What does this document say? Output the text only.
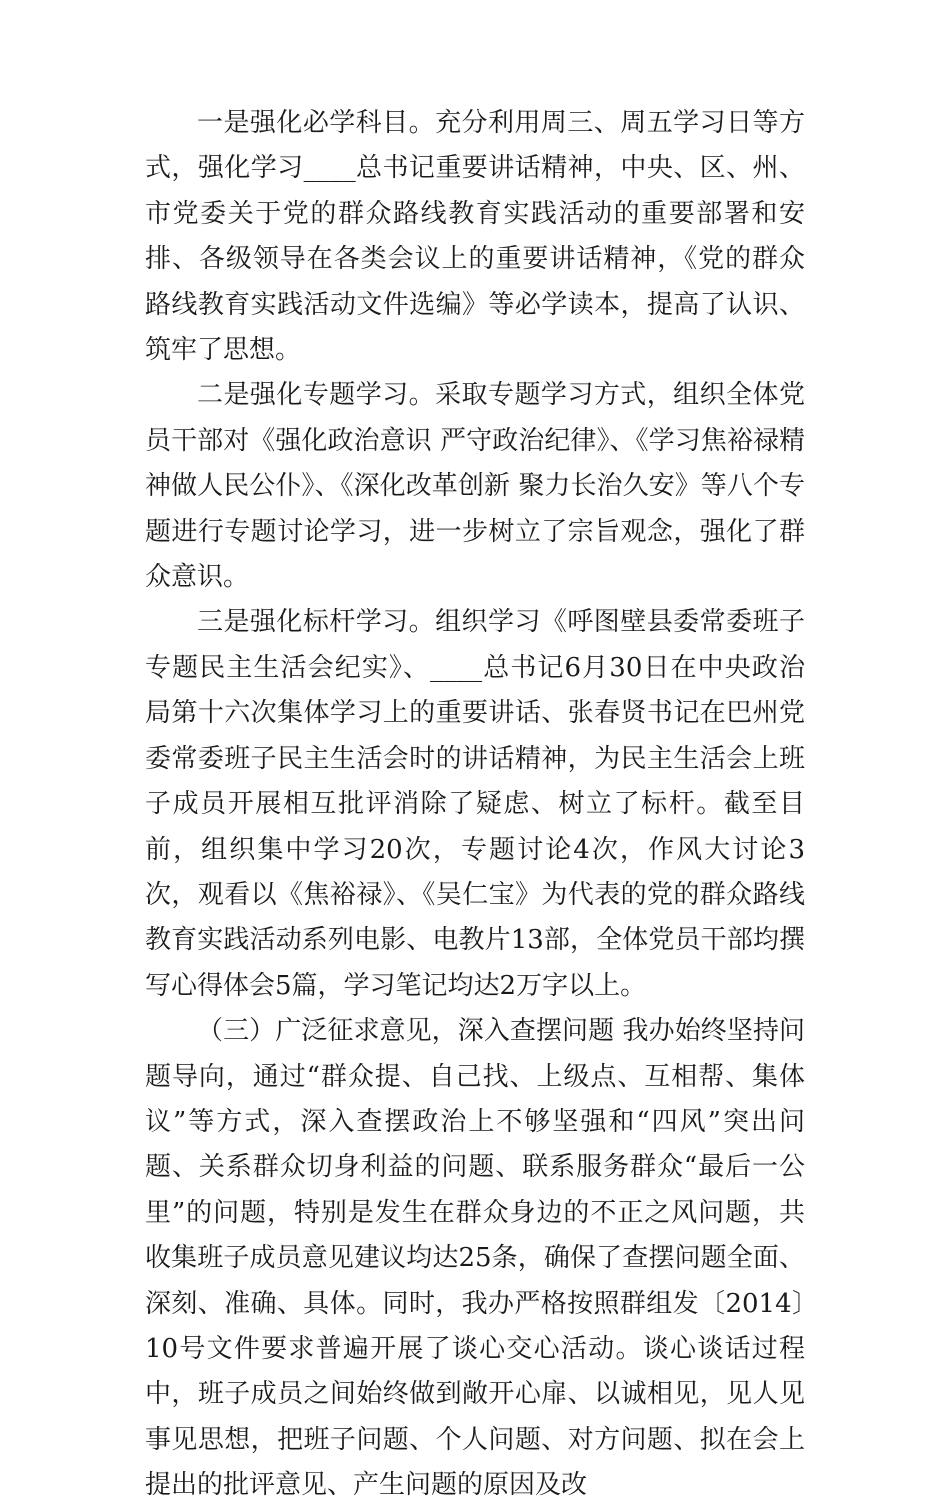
一是强化必学科目。充分利用周三、周五学习日等方式，强化学习____总书记重要讲话精神，中央、区、州、市党委关于党的群众路线教育实践活动的重要部署和安排、各级领导在各类会议上的重要讲话精神，《党的群众路线教育实践活动文件选编》等必学读本，提高了认识、筑牢了思想。

二是强化专题学习。采取专题学习方式，组织全体党员干部对《强化政治意识 严守政治纪律》、《学习焦裕禄精神做人民公仆》、《深化改革创新 聚力长治久安》等八个专题进行专题讨论学习，进一步树立了宗旨观念，强化了群众意识。

三是强化标杆学习。组织学习《呼图壁县委常委班子专题民主生活会纪实》、____总书记6月30日在中央政治局第十六次集体学习上的重要讲话、张春贤书记在巴州党委常委班子民主生活会时的讲话精神，为民主生活会上班子成员开展相互批评消除了疑虑、树立了标杆。截至目前，组织集中学习20次，专题讨论4次，作风大讨论3次，观看以《焦裕禄》、《吴仁宝》为代表的党的群众路线教育实践活动系列电影、电教片13部，全体党员干部均撰写心得体会5篇，学习笔记均达2万字以上。

（三）广泛征求意见，深入查摆问题 我办始终坚持问题导向，通过“群众提、自己找、上级点、互相帮、集体议”等方式，深入查摆政治上不够坚强和“四风”突出问题、关系群众切身利益的问题、联系服务群众“最后一公里”的问题，特别是发生在群众身边的不正之风问题，共收集班子成员意见建议均达25条，确保了查摆问题全面、深刻、准确、具体。同时，我办严格按照群组发〔2014〕10号文件要求普遍开展了谈心交心活动。谈心谈话过程中，班子成员之间始终做到敞开心扉、以诚相见，见人见事见思想，把班子问题、个人问题、对方问题、拟在会上提出的批评意见、产生问题的原因及改
